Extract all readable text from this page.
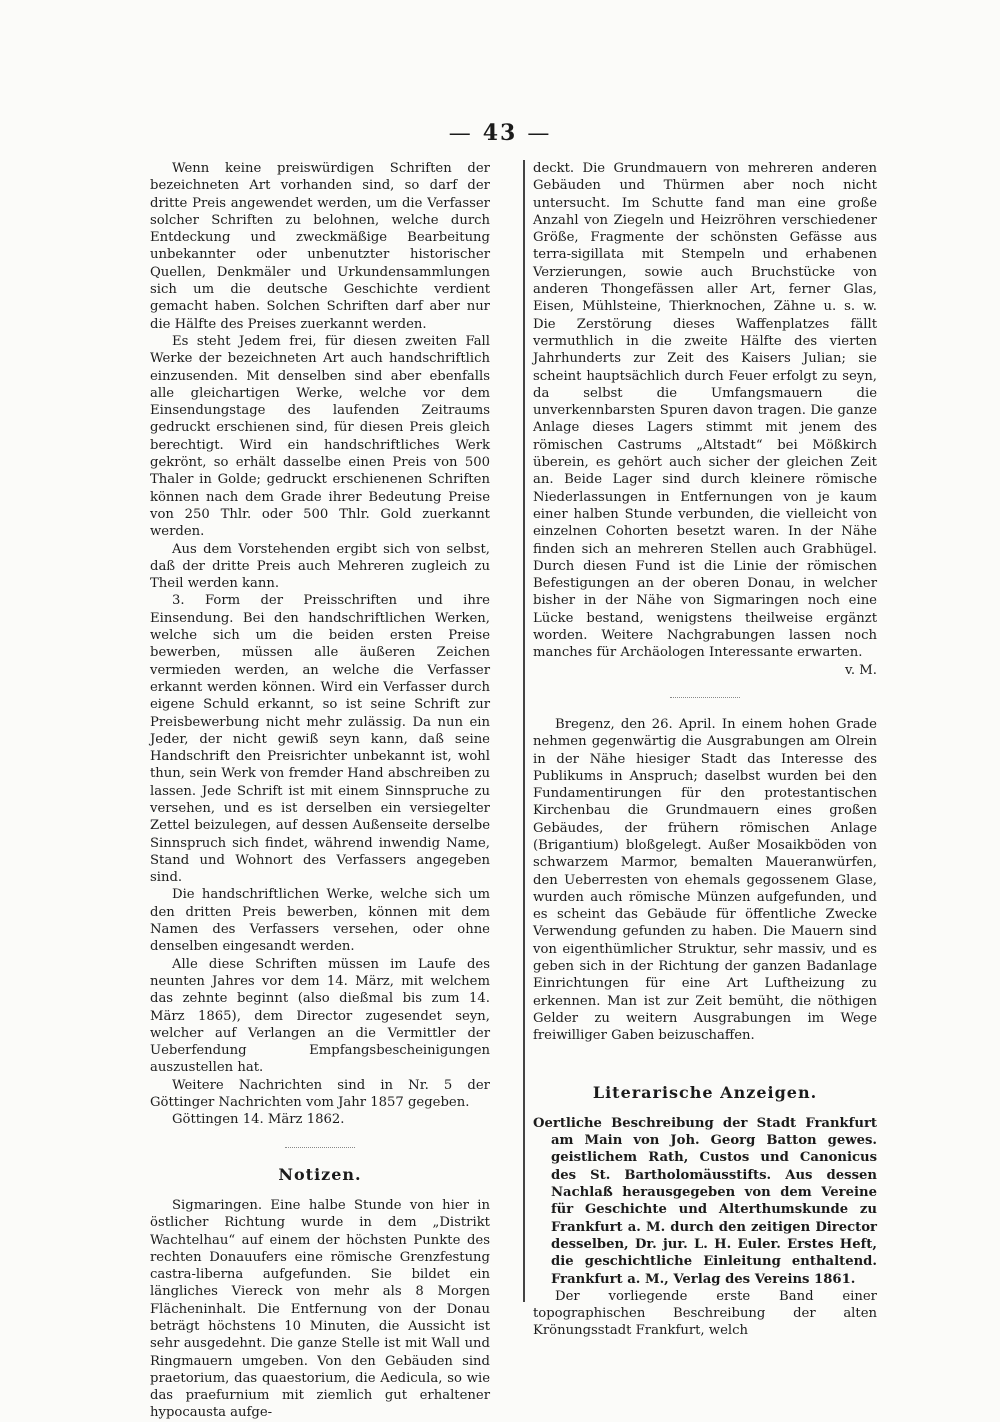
— 43 —

Wenn keine preiswürdigen Schriften der bezeichneten Art vorhanden sind, so darf der dritte Preis angewendet werden, um die Verfasser solcher Schriften zu belohnen, welche durch Entdeckung und zweckmäßige Bearbeitung unbekannter oder unbenutzter historischer Quellen, Denkmäler und Urkundensammlungen sich um die deutsche Geschichte verdient gemacht haben. Solchen Schriften darf aber nur die Hälfte des Preises zuerkannt werden.

Es steht Jedem frei, für diesen zweiten Fall Werke der bezeichneten Art auch handschriftlich einzusenden. Mit denselben sind aber ebenfalls alle gleichartigen Werke, welche vor dem Einsendungstage des laufenden Zeitraums gedruckt erschienen sind, für diesen Preis gleich berechtigt. Wird ein handschriftliches Werk gekrönt, so erhält dasselbe einen Preis von 500 Thaler in Golde; gedruckt erschienenen Schriften können nach dem Grade ihrer Bedeutung Preise von 250 Thlr. oder 500 Thlr. Gold zuerkannt werden.

Aus dem Vorstehenden ergibt sich von selbst, daß der dritte Preis auch Mehreren zugleich zu Theil werden kann.

3. Form der Preisschriften und ihre Einsendung. Bei den handschriftlichen Werken, welche sich um die beiden ersten Preise bewerben, müssen alle äußeren Zeichen vermieden werden, an welche die Verfasser erkannt werden können. Wird ein Verfasser durch eigene Schuld erkannt, so ist seine Schrift zur Preisbewerbung nicht mehr zulässig. Da nun ein Jeder, der nicht gewiß seyn kann, daß seine Handschrift den Preisrichter unbekannt ist, wohl thun, sein Werk von fremder Hand abschreiben zu lassen. Jede Schrift ist mit einem Sinnspruche zu versehen, und es ist derselben ein versiegelter Zettel beizulegen, auf dessen Außenseite derselbe Sinnspruch sich findet, während inwendig Name, Stand und Wohnort des Verfassers angegeben sind.

Die handschriftlichen Werke, welche sich um den dritten Preis bewerben, können mit dem Namen des Verfassers versehen, oder ohne denselben eingesandt werden.

Alle diese Schriften müssen im Laufe des neunten Jahres vor dem 14. März, mit welchem das zehnte beginnt (also dießmal bis zum 14. März 1865), dem Director zugesendet seyn, welcher auf Verlangen an die Vermittler der Ueberfendung Empfangsbescheinigungen auszustellen hat.

Weitere Nachrichten sind in Nr. 5 der Göttinger Nachrichten vom Jahr 1857 gegeben.

Göttingen 14. März 1862.

Notizen.

Sigmaringen. Eine halbe Stunde von hier in östlicher Richtung wurde in dem „Distrikt Wachtelhau“ auf einem der höchsten Punkte des rechten Donauufers eine römische Grenzfestung castra-liberna aufgefunden. Sie bildet ein längliches Viereck von mehr als 8 Morgen Flächeninhalt. Die Entfernung von der Donau beträgt höchstens 10 Minuten, die Aussicht ist sehr ausgedehnt. Die ganze Stelle ist mit Wall und Ringmauern umgeben. Von den Gebäuden sind praetorium, das quaestorium, die Aedicula, so wie das praefurnium mit ziemlich gut erhaltener hypocausta aufge-

deckt. Die Grundmauern von mehreren anderen Gebäuden und Thürmen aber noch nicht untersucht. Im Schutte fand man eine große Anzahl von Ziegeln und Heizröhren verschiedener Größe, Fragmente der schönsten Gefässe aus terra-sigillata mit Stempeln und erhabenen Verzierungen, sowie auch Bruchstücke von anderen Thongefässen aller Art, ferner Glas, Eisen, Mühlsteine, Thierknochen, Zähne u. s. w. Die Zerstörung dieses Waffenplatzes fällt vermuthlich in die zweite Hälfte des vierten Jahrhunderts zur Zeit des Kaisers Julian; sie scheint hauptsächlich durch Feuer erfolgt zu seyn, da selbst die Umfangsmauern die unverkennbarsten Spuren davon tragen. Die ganze Anlage dieses Lagers stimmt mit jenem des römischen Castrums „Altstadt“ bei Mößkirch überein, es gehört auch sicher der gleichen Zeit an. Beide Lager sind durch kleinere römische Niederlassungen in Entfernungen von je kaum einer halben Stunde verbunden, die vielleicht von einzelnen Cohorten besetzt waren. In der Nähe finden sich an mehreren Stellen auch Grabhügel. Durch diesen Fund ist die Linie der römischen Befestigungen an der oberen Donau, in welcher bisher in der Nähe von Sigmaringen noch eine Lücke bestand, wenigstens theilweise ergänzt worden. Weitere Nachgrabungen lassen noch manches für Archäologen Interessante erwarten.

v. M.

Bregenz, den 26. April. In einem hohen Grade nehmen gegenwärtig die Ausgrabungen am Olrein in der Nähe hiesiger Stadt das Interesse des Publikums in Anspruch; daselbst wurden bei den Fundamentirungen für den protestantischen Kirchenbau die Grundmauern eines großen Gebäudes, der frühern römischen Anlage (Brigantium) bloßgelegt. Außer Mosaikböden von schwarzem Marmor, bemalten Maueranwürfen, den Ueberresten von ehemals gegossenem Glase, wurden auch römische Münzen aufgefunden, und es scheint das Gebäude für öffentliche Zwecke Verwendung gefunden zu haben. Die Mauern sind von eigenthümlicher Struktur, sehr massiv, und es geben sich in der Richtung der ganzen Badanlage Einrichtungen für eine Art Luftheizung zu erkennen. Man ist zur Zeit bemüht, die nöthigen Gelder zu weitern Ausgrabungen im Wege freiwilliger Gaben beizuschaffen.

Literarische Anzeigen.

Oertliche Beschreibung der Stadt Frankfurt am Main von Joh. Georg Batton gewes. geistlichem Rath, Custos und Canonicus des St. Bartholomäusstifts. Aus dessen Nachlaß herausgegeben von dem Vereine für Geschichte und Alterthumskunde zu Frankfurt a. M. durch den zeitigen Director desselben, Dr. jur. L. H. Euler. Erstes Heft, die geschichtliche Einleitung enthaltend. Frankfurt a. M., Verlag des Vereins 1861.

Der vorliegende erste Band einer topographischen Beschreibung der alten Krönungsstadt Frankfurt, welch
